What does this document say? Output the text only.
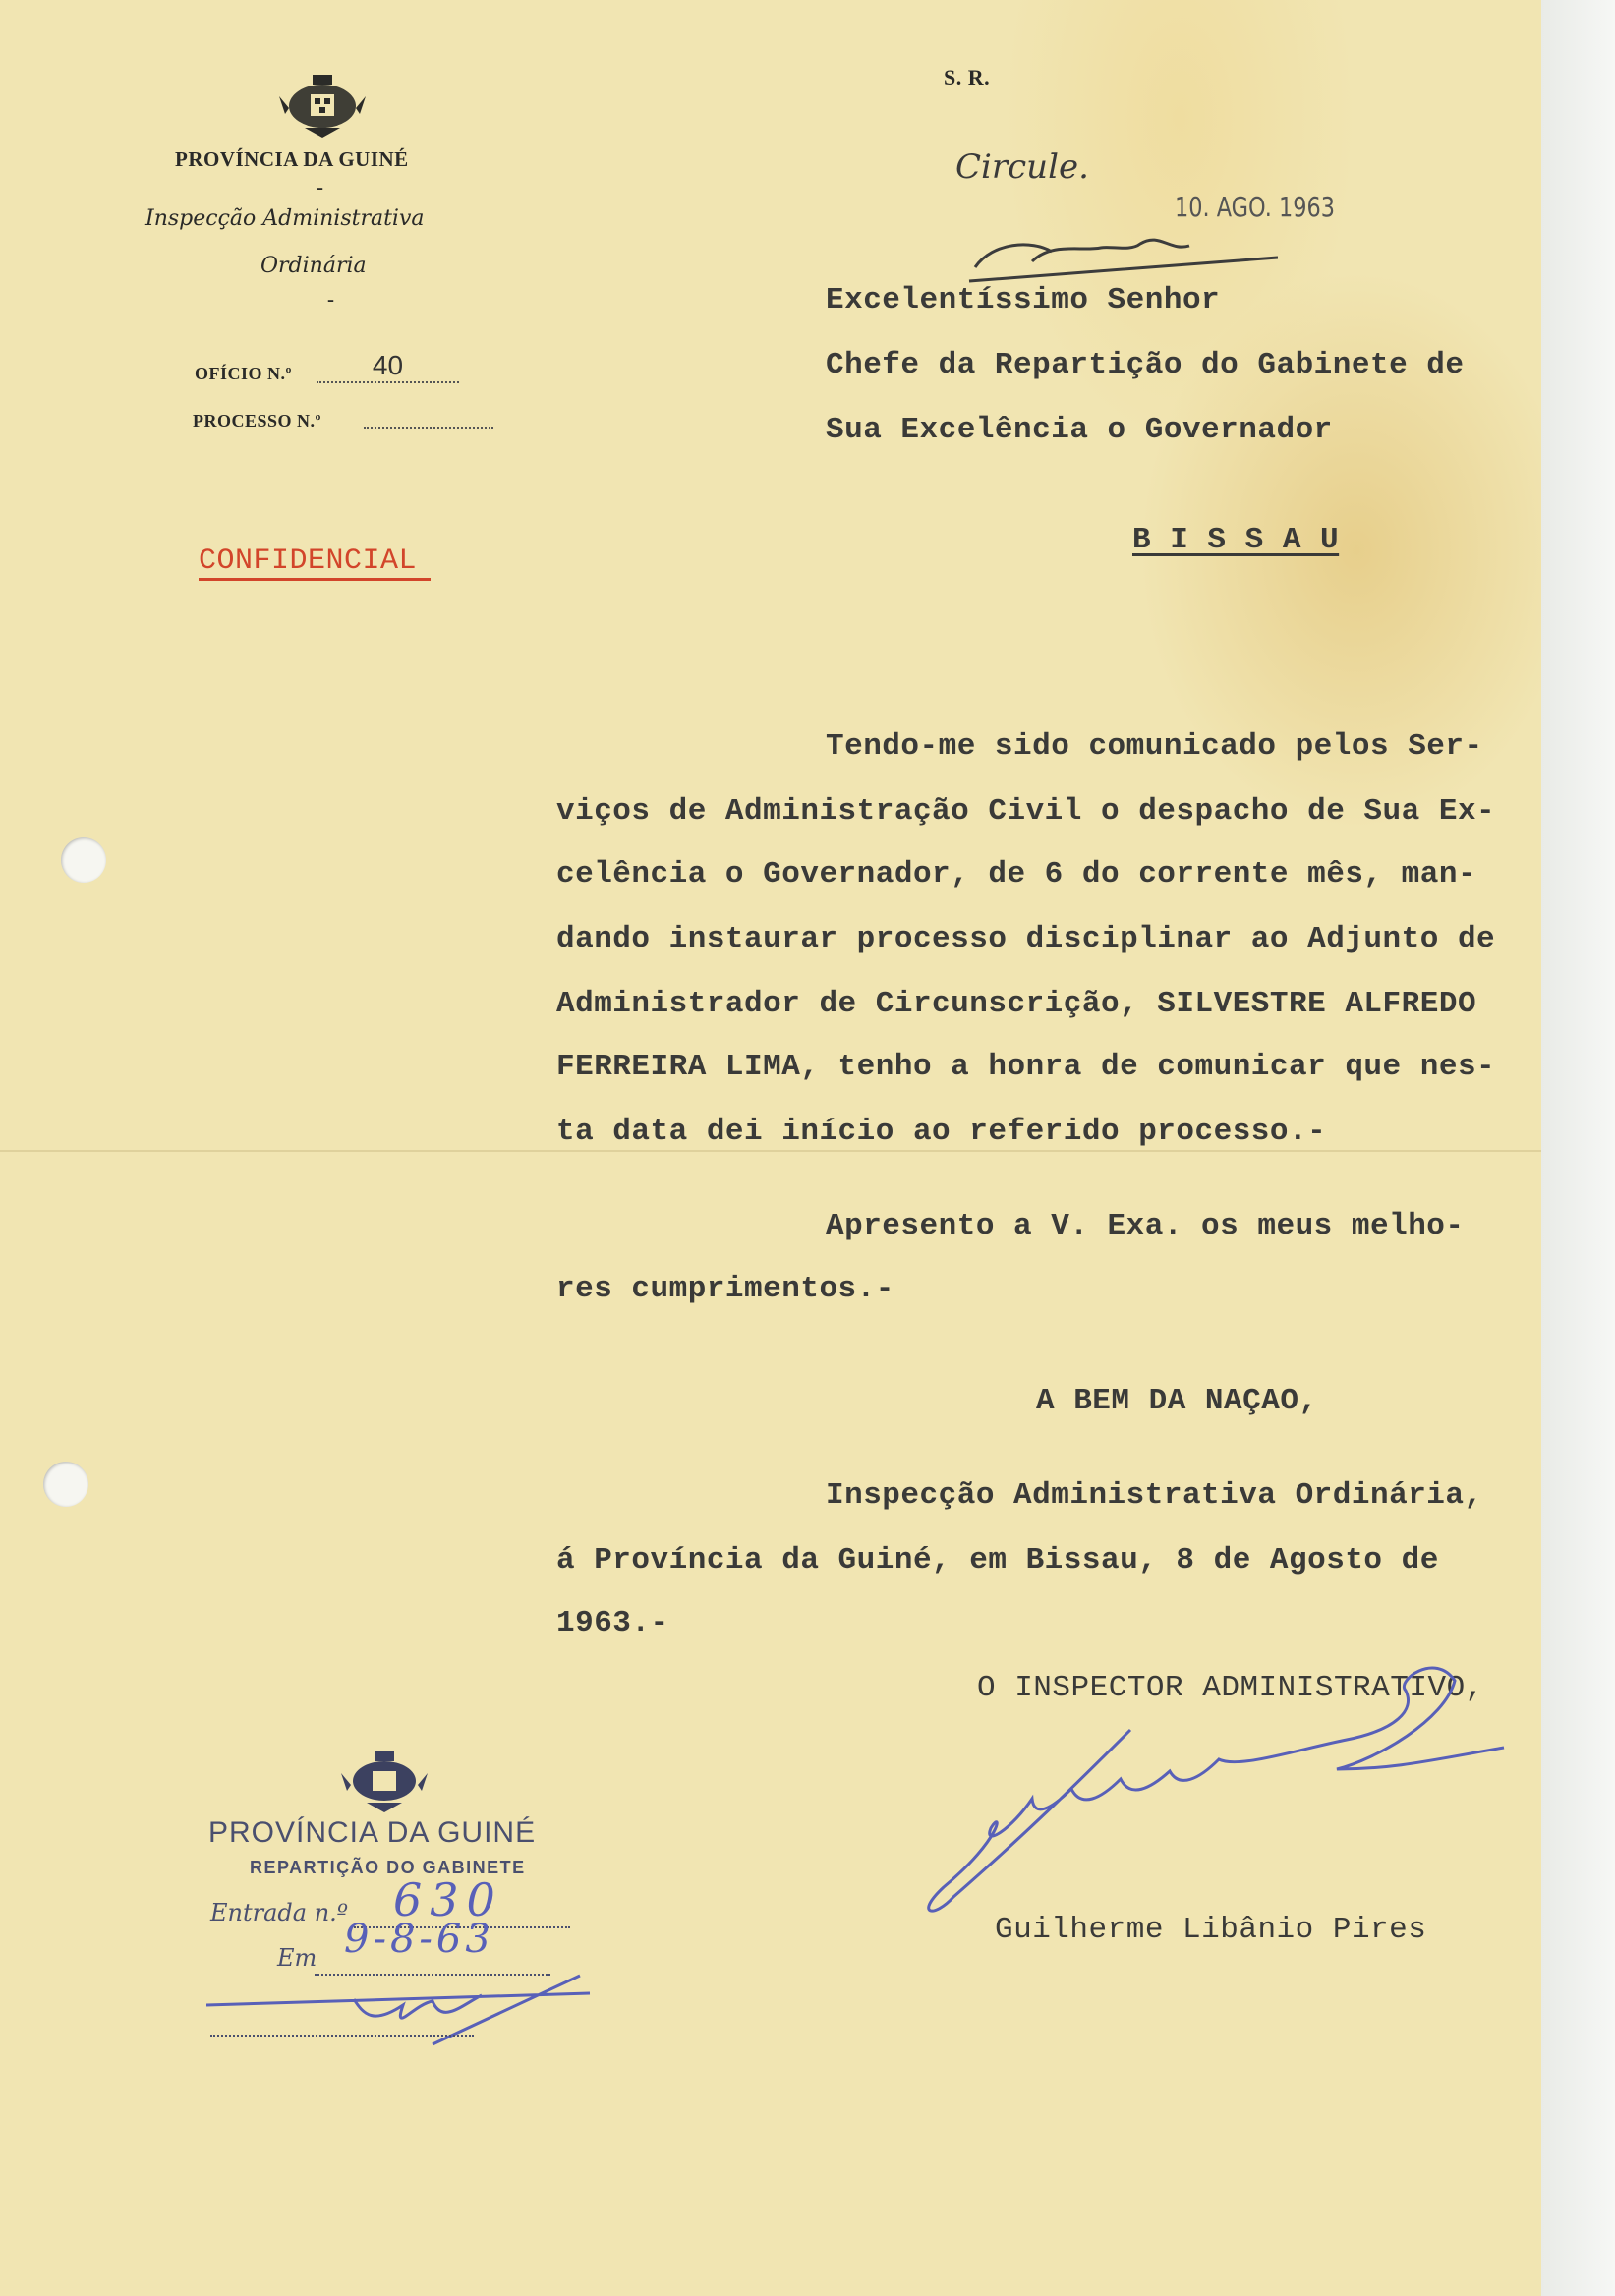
S. R.
PROVÍNCIA DA GUINÉ
-
Inspecção Administrativa
Ordinária
-
OFÍCIO N.º	40
PROCESSO N.º
CONFIDENCIAL
Circule.
10. AGO. 1963
Excelentíssimo Senhor
Chefe da Repartição do Gabinete de
Sua Excelência o Governador
B I S S A U
Tendo-me sido comunicado pelos Ser-
viços de Administração Civil o despacho de Sua Ex-
celência o Governador, de 6 do corrente mês, man-
dando instaurar processo disciplinar ao Adjunto de
Administrador de Circunscrição, SILVESTRE ALFREDO
FERREIRA LIMA, tenho a honra de comunicar que nes-
ta data dei início ao referido processo.-
Apresento a V. Exa. os meus melho-
res cumprimentos.-
A BEM DA NAÇAO,
Inspecção Administrativa Ordinária,
á Província da Guiné, em Bissau, 8 de Agosto de
1963.-
O INSPECTOR ADMINISTRATIVO,
Guilherme Libânio Pires
PROVÍNCIA DA GUINÉ
REPARTIÇÃO DO GABINETE
Entrada n.º 630
Em 9-8-63
